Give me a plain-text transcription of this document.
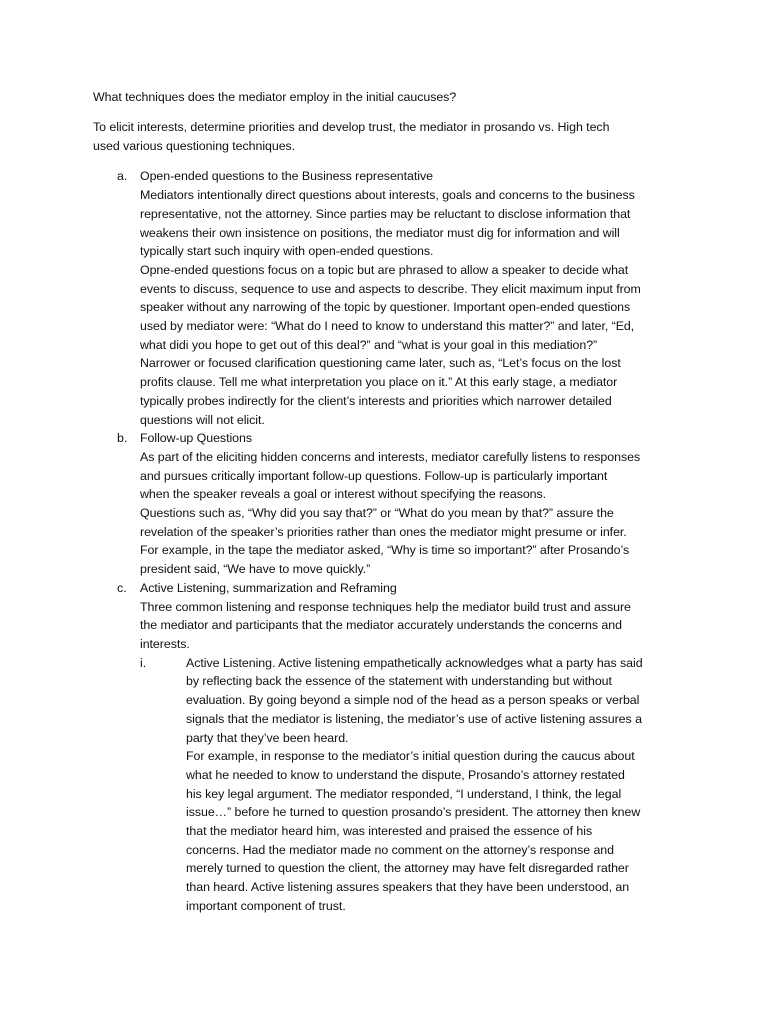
What techniques does the mediator employ in the initial caucuses?
To elicit interests, determine priorities and develop trust, the mediator in prosando vs. High tech
used various questioning techniques.
a. Open-ended questions to the Business representative
Mediators intentionally direct questions about interests, goals and concerns to the business
representative, not the attorney. Since parties may be reluctant to disclose information that
weakens their own insistence on positions, the mediator must dig for information and will
typically start such inquiry with open-ended questions.
Opne-ended questions focus on a topic but are phrased to allow a speaker to decide what
events to discuss, sequence to use and aspects to describe. They elicit maximum input from
speaker without any narrowing of the topic by questioner. Important open-ended questions
used by mediator were: “What do I need to know to understand this matter?” and later, “Ed,
what didi you hope to get out of this deal?” and “what is your goal in this mediation?”
Narrower or focused clarification questioning came later, such as, “Let’s focus on the lost
profits clause. Tell me what interpretation you place on it.” At this early stage, a mediator
typically probes indirectly for the client’s interests and priorities which narrower detailed
questions will not elicit.
b. Follow-up Questions
As part of the eliciting hidden concerns and interests, mediator carefully listens to responses
and pursues critically important follow-up questions. Follow-up is particularly important
when the speaker reveals a goal or interest without specifying the reasons.
Questions such as, “Why did you say that?” or “What do you mean by that?” assure the
revelation of the speaker’s priorities rather than ones the mediator might presume or infer.
For example, in the tape the mediator asked, “Why is time so important?” after Prosando’s
president said, “We have to move quickly.”
c. Active Listening, summarization and Reframing
Three common listening and response techniques help the mediator build trust and assure
the mediator and participants that the mediator accurately understands the concerns and
interests.
i.	Active Listening. Active listening empathetically acknowledges what a party has said
by reflecting back the essence of the statement with understanding but without
evaluation. By going beyond a simple nod of the head as a person speaks or verbal
signals that the mediator is listening, the mediator’s use of active listening assures a
party that they’ve been heard.
For example, in response to the mediator’s initial question during the caucus about
what he needed to know to understand the dispute, Prosando’s attorney restated
his key legal argument. The mediator responded, “I understand, I think, the legal
issue…” before he turned to question prosando’s president. The attorney then knew
that the mediator heard him, was interested and praised the essence of his
concerns. Had the mediator made no comment on the attorney’s response and
merely turned to question the client, the attorney may have felt disregarded rather
than heard. Active listening assures speakers that they have been understood, an
important component of trust.
